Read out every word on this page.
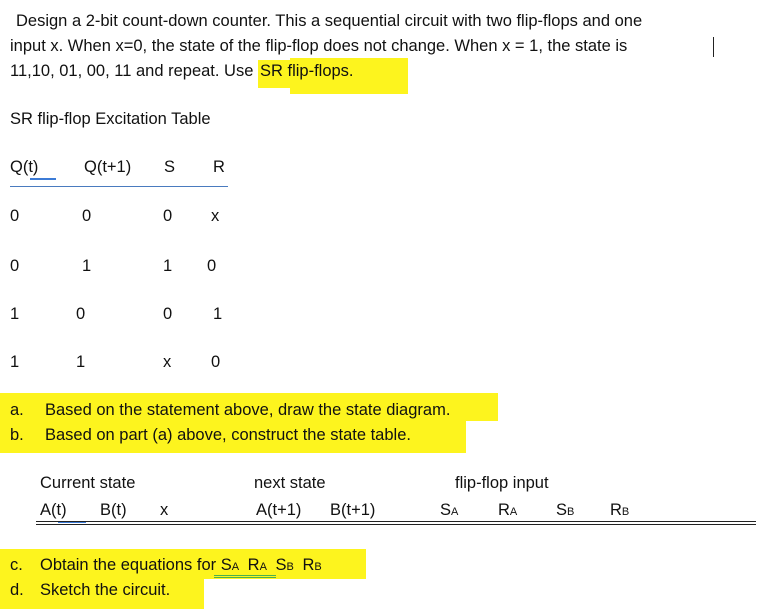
Design a 2-bit count-down counter. This a sequential circuit with two flip-flops and one
input x. When x=0, the state of the flip-flop does not change. When x = 1, the state is
11,10, 01, 00, 11 and repeat. Use SR flip-flops.
SR flip-flop Excitation Table
Q(t)	Q(t+1) S R
0	0	0 x
0	1	1 0
1	0	0 1
1	1	x 0
a. Based on the statement above, draw the state diagram.
b. Based on part (a) above, construct the state table.
Current state	next state	flip-flop input
A(t) B(t) x	A(t+1) B(t+1)	SA RA SB RB
c. Obtain the equations for SA RA SB RB
d. Sketch the circuit.
